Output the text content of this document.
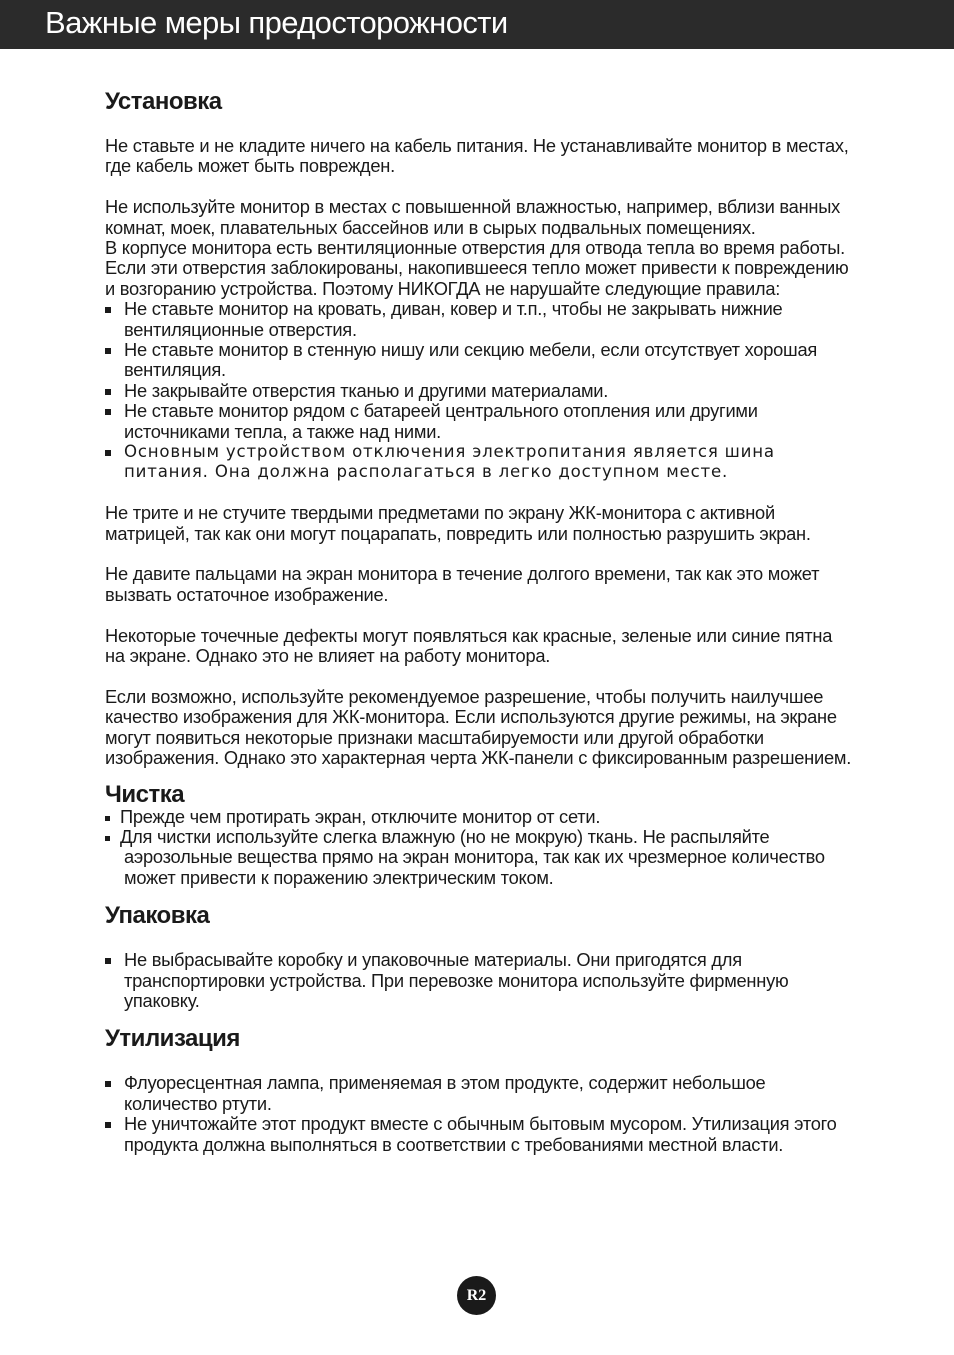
Важные меры предосторожности
Установка

Не ставьте и не кладите ничего на кабель питания. Не устанавливайте монитор в местах, где кабель может быть поврежден.

Не используйте монитор в местах с повышенной влажностью, например, вблизи ванных комнат, моек, плавательных бассейнов или в сырых подвальных помещениях.

В корпусе монитора есть вентиляционные отверстия для отвода тепла во время работы. Если эти отверстия заблокированы, накопившееся тепло может привести к повреждению и возгоранию устройства. Поэтому НИКОГДА не нарушайте следующие правила:

Не ставьте монитор на кровать, диван, ковер и т.п., чтобы не закрывать нижние вентиляционные отверстия.
Не ставьте монитор в стенную нишу или секцию мебели, если отсутствует хорошая вентиляция.
Не закрывайте отверстия тканью и другими материалами.
Не ставьте монитор рядом с батареей центрального отопления или другими источниками тепла, а также над ними.
Основным устройством отключения электропитания является шина питания. Она должна располагаться в легко доступном месте.

Не трите и не стучите твердыми предметами по экрану ЖК-монитора с активной матрицей, так как они могут поцарапать, повредить или полностью разрушить экран.

Не давите пальцами на экран монитора в течение долгого времени, так как это может вызвать остаточное изображение.

Некоторые точечные дефекты могут появляться как красные, зеленые или синие пятна на экране. Однако это не влияет на работу монитора.

Если возможно, используйте рекомендуемое разрешение, чтобы получить наилучшее качество изображения для ЖК-монитора. Если используются другие режимы, на экране могут появиться некоторые признаки масштабируемости или другой обработки изображения. Однако это характерная черта ЖК-панели с фиксированным разрешением.

Чистка
Прежде чем протирать экран, отключите монитор от сети.
Для чистки используйте слегка влажную (но не мокрую) ткань. Не распыляйте
аэрозольные вещества прямо на экран монитора, так как их чрезмерное количество может привести к поражению электрическим током.
Упаковка
Не выбрасывайте коробку и упаковочные материалы. Они пригодятся для транспортировки устройства. При перевозке монитора используйте фирменную упаковку.
Утилизация
Флуоресцентная лампа, применяемая в этом продукте, содержит небольшое количество ртути.
Не уничтожайте этот продукт вместе с обычным бытовым мусором. Утилизация этого продукта должна выполняться в соответствии с требованиями местной власти.
R2
